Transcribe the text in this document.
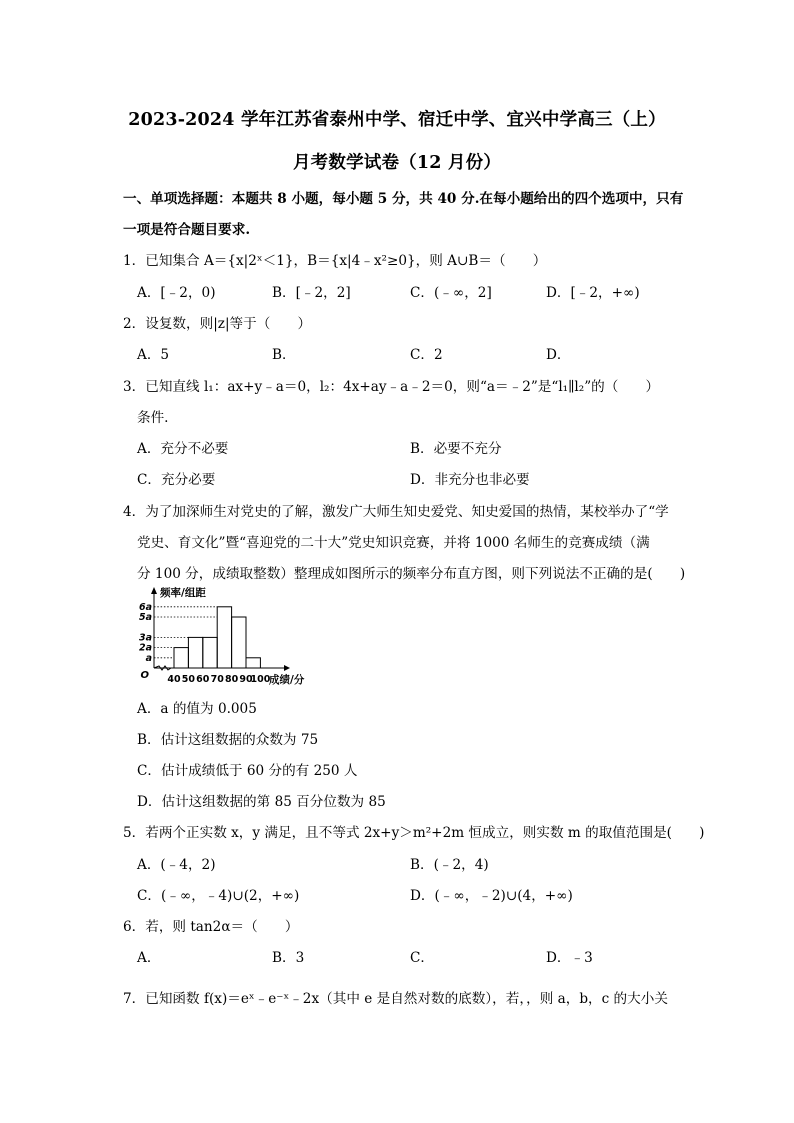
2023-2024 学年江苏省泰州中学、宿迁中学、宜兴中学高三（上）
月考数学试卷（12 月份）
一、单项选择题：本题共 8 小题，每小题 5 分，共 40 分.在每小题给出的四个选项中，只有
一项是符合题目要求.
1．已知集合 A＝{x|2ˣ＜1}，B＝{x|4﹣x²≥0}，则 A∪B＝（　　）
A．[﹣2，0)	B．[﹣2，2]	C．(﹣∞，2]	D．[﹣2，+∞)
2．设复数，则|z|等于（　　）
A．5	B．	C．2	D．
3．已知直线 l₁：ax+y﹣a＝0，l₂：4x+ay﹣a﹣2＝0，则“a＝﹣2”是“l₁∥l₂”的（　　）
条件.
A．充分不必要	B．必要不充分
C．充分必要	D．非充分也非必要
4．为了加深师生对党史的了解，激发广大师生知史爱党、知史爱国的热情，某校举办了“学
党史、育文化”暨“喜迎党的二十大”党史知识竞赛，并将 1000 名师生的竞赛成绩（满
分 100 分，成绩取整数）整理成如图所示的频率分布直方图，则下列说法不正确的是(　　)
a
2a
3a
5a
6a
40 50 60 70 80 90
100
O
频率/组距
成绩/分
A．a 的值为 0.005
B．估计这组数据的众数为 75
C．估计成绩低于 60 分的有 250 人
D．估计这组数据的第 85 百分位数为 85
5．若两个正实数 x，y 满足，且不等式 2x+y＞m²+2m 恒成立，则实数 m 的取值范围是(　　)
A．(﹣4，2)	B．(﹣2，4)
C．(﹣∞，﹣4)∪(2，+∞)	D．(﹣∞，﹣2)∪(4，+∞)
6．若，则 tan2α＝（　　）
A．	B．3	C．	D．﹣3
7．已知函数 f(x)＝eˣ﹣e⁻ˣ﹣2x（其中 e 是自然对数的底数），若，，则 a，b，c 的大小关
